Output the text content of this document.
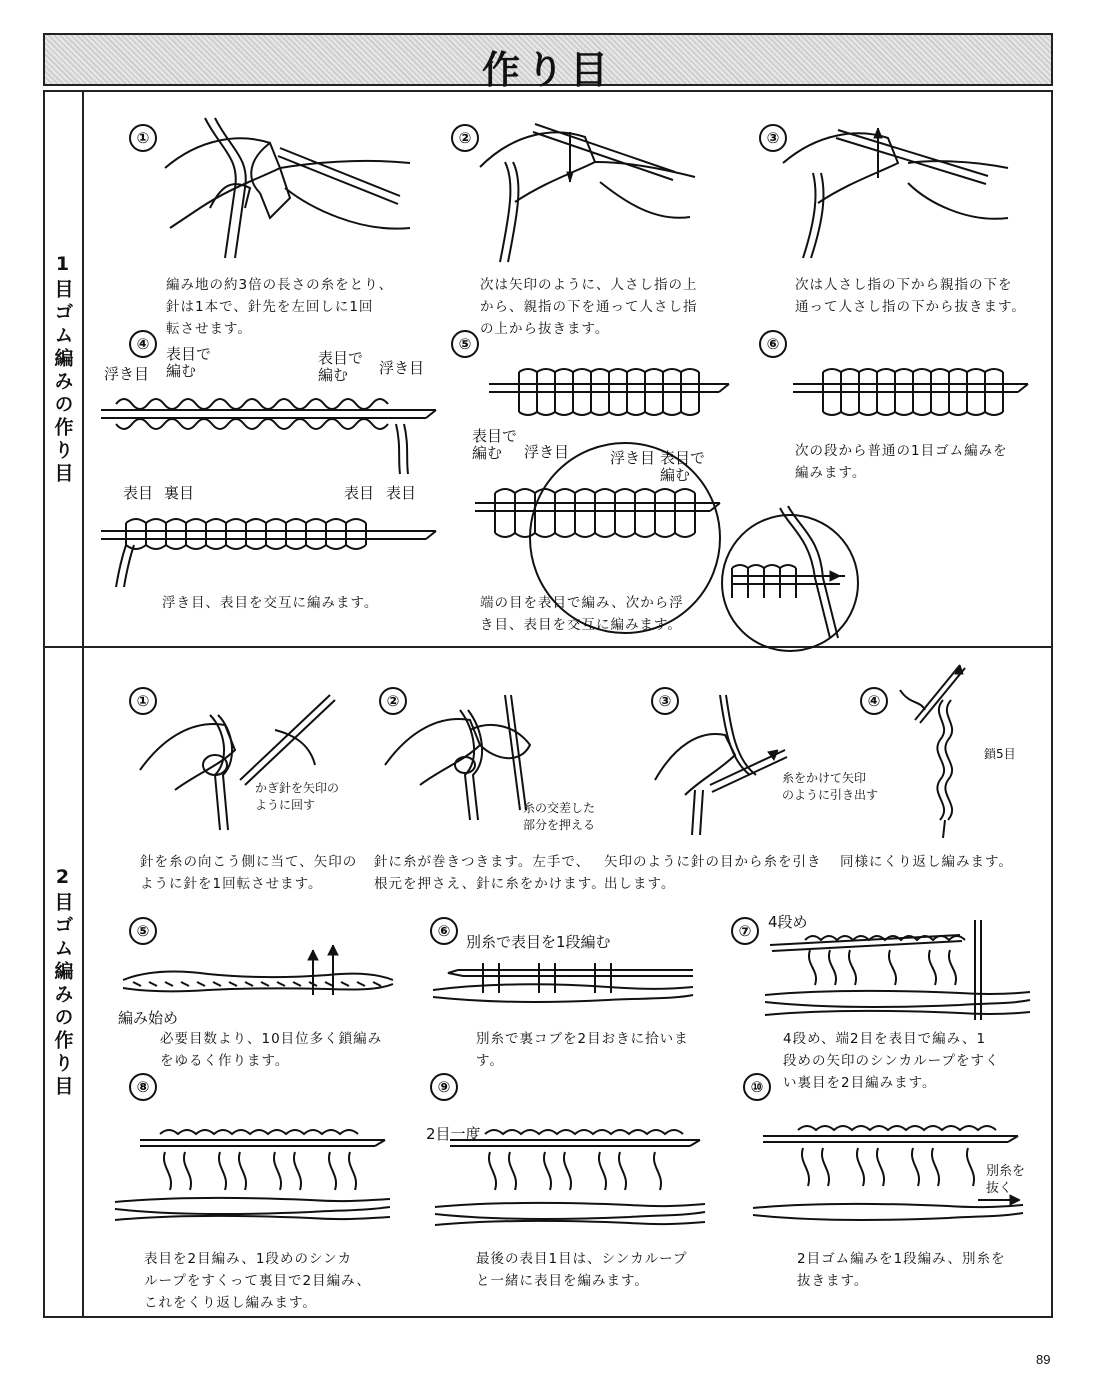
作り目
1目ゴム編みの作り目
2目ゴム編みの作り目
①
編み地の約3倍の長さの糸をとり、
針は1本で、針先を左回しに1回
転させます。
②
次は矢印のように、人さし指の上
から、親指の下を通って人さし指
の上から抜きます。
③
次は人さし指の下から親指の下を
通って人さし指の下から抜きます。
④
表目で
編む
浮き目
表目で
編む	浮き目
表目 裏目	表目 表目
浮き目、表目を交互に編みます。
⑤
表目で
編む	浮き目	浮き目 表目で
編む
端の目を表目で編み、次から浮
き目、表目を交互に編みます。
⑥
次の段から普通の1目ゴム編みを
編みます。
①
かぎ針を矢印の
ように回す
針を糸の向こう側に当て、矢印の
ように針を1回転させます。
②
糸の交差した
部分を押える
針に糸が巻きつきます。左手で、
根元を押さえ、針に糸をかけます。
③
糸をかけて矢印
のように引き出す
矢印のように針の目から糸を引き
出します。
④
鎖5目
同様にくり返し編みます。
⑤
編み始め
必要目数より、10目位多く鎖編み
をゆるく作ります。
⑥
別糸で表目を1段編む
別糸で裏コブを2目おきに拾いま
す。
⑦	4段め
4段め、端2目を表目で編み、1
段めの矢印のシンカループをすく
い裏目を2目編みます。
⑧
表目を2目編み、1段めのシンカ
ループをすくって裏目で2目編み、
これをくり返し編みます。
⑨
2目一度
最後の表目1目は、シンカループ
と一緒に表目を編みます。
⑩
別糸を
抜く
2目ゴム編みを1段編み、別糸を
抜きます。
89
